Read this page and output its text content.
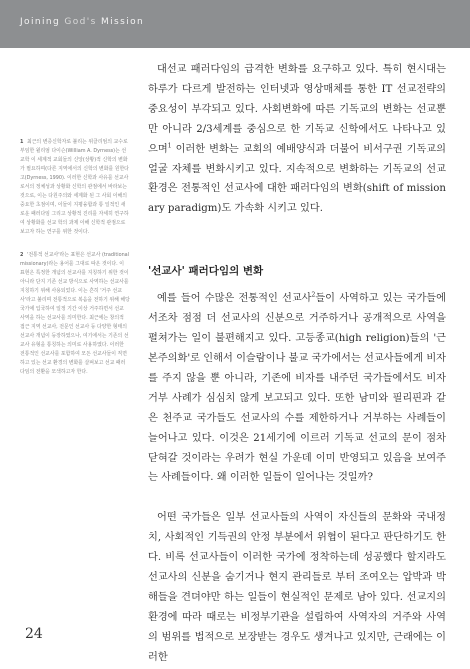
Joining God's Mission
1 최근의 변증신학자로 불리는 위클리엄의 교수로 부임한 윌리엄 다이슨(William A. Dyrness)는 선교학 이 세계적 교회들의 신앙(상황)적 신학의 변화가 필요하며(다른 지역에서의 신학의 변화를 원한다고(Dyrness, 1990). 이러한 신학과 사유를 선교사로서의 정체성과 상황화 신학의 관점에서 바라보는 것으로, 이는 다원주의와 세계화 된 그 사회 이해의 중요한 초점이며, 이들이 지평융합과 통 일적인 새로운 패러다임 그리고 상황적 진리를 자세히 연구하여 상황화를 선교 학의 과제 이해 신학적 관점으로 보고자 하는 연구를 위한 것이다.
2 '전통적 선교사'라는 표현은 선교사 (traditional missionary)라는 용어를 그대로 따온 것이다. 이 표현은 특정한 개념의 선교사를 지칭하기 위한 것이 아니라 단지 기존 선교 방식으로 사역하는 선교사를 지칭하기 위해 사용되었다. 이는 흔히 '거주 선교사'라고 불리며 전통적으로 복음을 전하기 위해 해당 국가에 입국하여 일정 기간 이상 거주하면서 선교 사역을 하는 선교사를 의미한다. 최근에는 창의적 접근 지역 선교사, 전문인 선교사 등 다양한 형태의 선교사 개념이 등장하였으나, 여기에서는 기존의 선교사 유형을 통칭하는 의미로 사용하였다. 이러한 전통적인 선교사를 포함하여 모든 선교사들이 직면하고 있는 선교 환경의 변화를 살펴보고 선교 패러다임의 전환을 모색하고자 한다.

대선교 패러다임의 급격한 변화를 요구하고 있다. 특히 현시대는 하루가 다르게 발전하는 인터넷과 영상매체를 통한 IT 선교전략의 중요성이 부각되고 있다. 사회변화에 따른 기독교의 변화는 선교뿐만 아니라 2/3세계를 중심으로 한 기독교 신학에서도 나타나고 있으며$^1$ 이러한 변화는 교회의 예배양식과 더불어 비서구권 기독교의 얼굴 자체를 변화시키고 있다. 지속적으로 변화하는 기독교의 선교환경은 전통적인 선교사에 대한 패러다임의 변화(shift of missionary paradigm)도 가속화 시키고 있다.

'선교사' 패러다임의 변화

예를 들어 수많은 전통적인 선교사$^2$들이 사역하고 있는 국가들에서조차 점점 더 선교사의 신분으로 거주하거나 공개적으로 사역을 펼쳐가는 일이 불편해지고 있다. 고등종교(high religion)들의 '근본주의화'로 인해서 이슬람이나 불교 국가에서는 선교사들에게 비자를 주지 않을 뿐 아니라, 기존에 비자를 내주던 국가들에서도 비자 거부 사례가 심심치 않게 보고되고 있다. 또한 남미와 필리핀과 같은 천주교 국가들도 선교사의 수를 제한하거나 거부하는 사례들이 늘어나고 있다. 이것은 21세기에 이르러 기독교 선교의 문이 점차 닫혀갈 것이라는 우려가 현실 가운데 이미 반영되고 있음을 보여주는 사례들이다. 왜 이러한 일들이 일어나는 것일까?

어떤 국가들은 일부 선교사들의 사역이 자신들의 문화와 국내정치, 사회적인 기득권의 안정 부분에서 위협이 된다고 판단하기도 한다. 비록 선교사들이 이러한 국가에 정착하는데 성공했다 할지라도 선교사의 신분을 숨기거나 현지 관리들로 부터 조여오는 압박과 박해들을 견뎌야만 하는 일들이 현실적인 문제로 남아 있다. 선교지의 환경에 따라 때로는 비정부기관을 설립하여 사역자의 거주와 사역의 범위를 법적으로 보장받는 경우도 생겨나고 있지만, 근래에는 이러한

24
